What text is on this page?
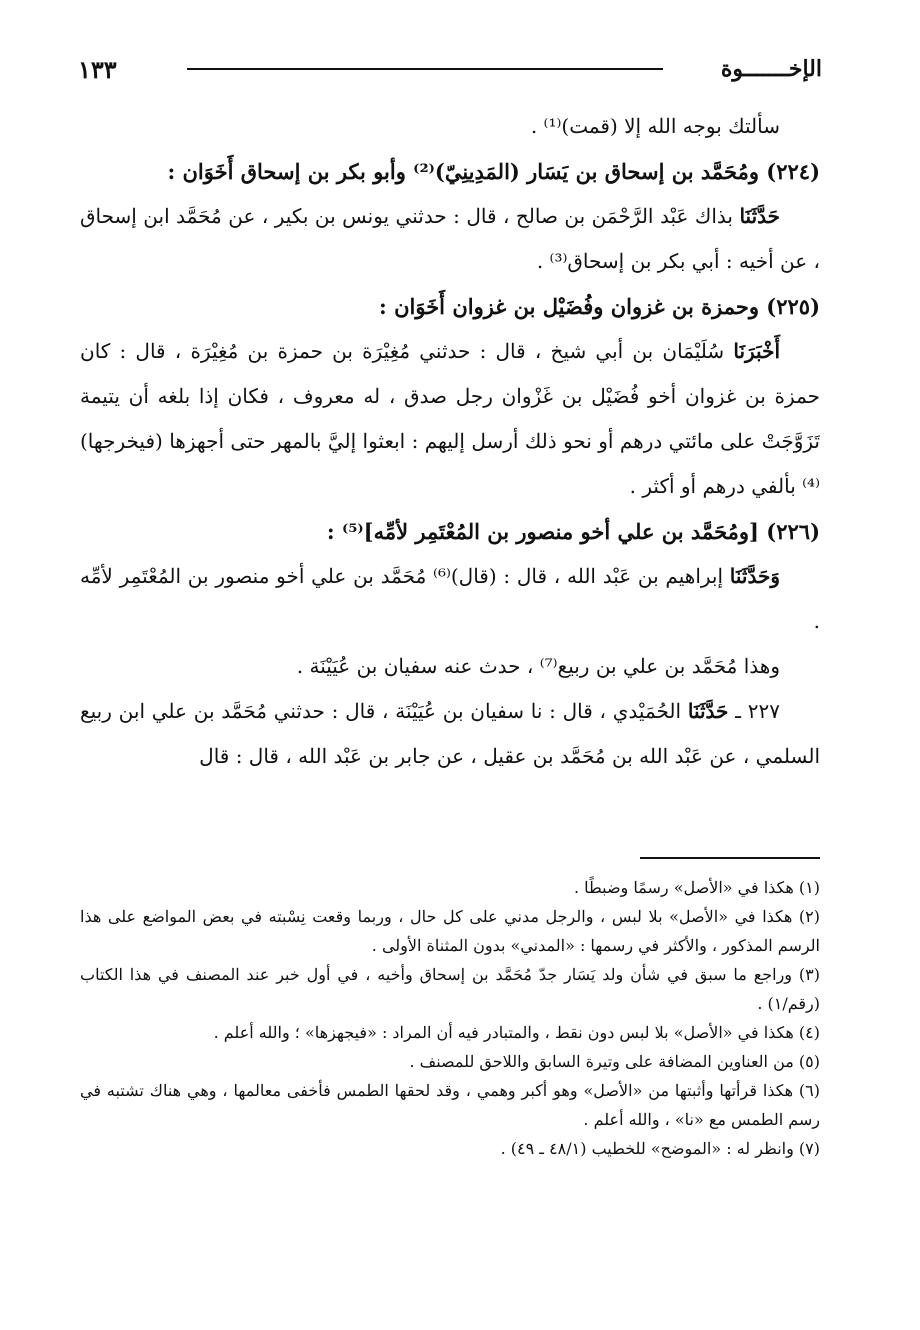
الإخـــــــوة
١٣٣

سألتك بوجه الله إلا (قمت)⁽¹⁾ .

(٢٢٤) ومُحَمَّد بن إسحاق بن يَسَار (المَدِينِيّ)⁽²⁾ وأبو بكر بن إسحاق أَخَوَان :

حَدَّثَنَا بذاك عَبْد الرَّحْمَن بن صالح ، قال : حدثني يونس بن بكير ، عن مُحَمَّد ابن إسحاق ، عن أخيه : أبي بكر بن إسحاق⁽³⁾ .

(٢٢٥) وحمزة بن غزوان وفُضَيْل بن غزوان أَخَوَان :

أَخْبَرَنَا سُلَيْمَان بن أبي شيخ ، قال : حدثني مُغِيْرَة بن حمزة بن مُغِيْرَة ، قال : كان حمزة بن غزوان أخو فُضَيْل بن غَزْوان رجل صدق ، له معروف ، فكان إذا بلغه أن يتيمة تَزَوَّجَتْ على مائتي درهم أو نحو ذلك أرسل إليهم : ابعثوا إليَّ بالمهر حتى أجهزها (فيخرجها)⁽⁴⁾ بألفي درهم أو أكثر .

(٢٢٦) [ومُحَمَّد بن علي أخو منصور بن المُعْتَمِر لأمِّه]⁽⁵⁾ :

وَحَدَّثَنَا إبراهيم بن عَبْد الله ، قال : (قال)⁽⁶⁾ مُحَمَّد بن علي أخو منصور بن المُعْتَمِر لأمِّه .

وهذا مُحَمَّد بن علي بن ربيع⁽⁷⁾ ، حدث عنه سفيان بن عُيَيْنَة .

٢٢٧ ـ حَدَّثَنَا الحُمَيْدي ، قال : نا سفيان بن عُيَيْنَة ، قال : حدثني مُحَمَّد بن علي ابن ربيع السلمي ، عن عَبْد الله بن مُحَمَّد بن عقيل ، عن جابر بن عَبْد الله ، قال : قال

(١) هكذا في «الأصل» رسمًا وضبطًا .

(٢) هكذا في «الأصل» بلا لبس ، والرجل مدني على كل حال ، وربما وقعت نِسْبته في بعض المواضع على هذا الرسم المذكور ، والأكثر في رسمها : «المدني» بدون المثناة الأولى .

(٣) وراجع ما سبق في شأن ولد يَسَار جدّ مُحَمَّد بن إسحاق وأخيه ، في أول خبر عند المصنف في هذا الكتاب (رقم/١) .

(٤) هكذا في «الأصل» بلا لبس دون نقط ، والمتبادر فيه أن المراد : «فيجهزها» ؛ والله أعلم .

(٥) من العناوين المضافة على وتيرة السابق واللاحق للمصنف .

(٦) هكذا قرأتها وأثبتها من «الأصل» وهو أكبر وهمي ، وقد لحقها الطمس فأخفى معالمها ، وهي هناك تشتبه في رسم الطمس مع «نا» ، والله أعلم .

(٧) وانظر له : «الموضح» للخطيب (٤٨/١ ـ ٤٩) .
